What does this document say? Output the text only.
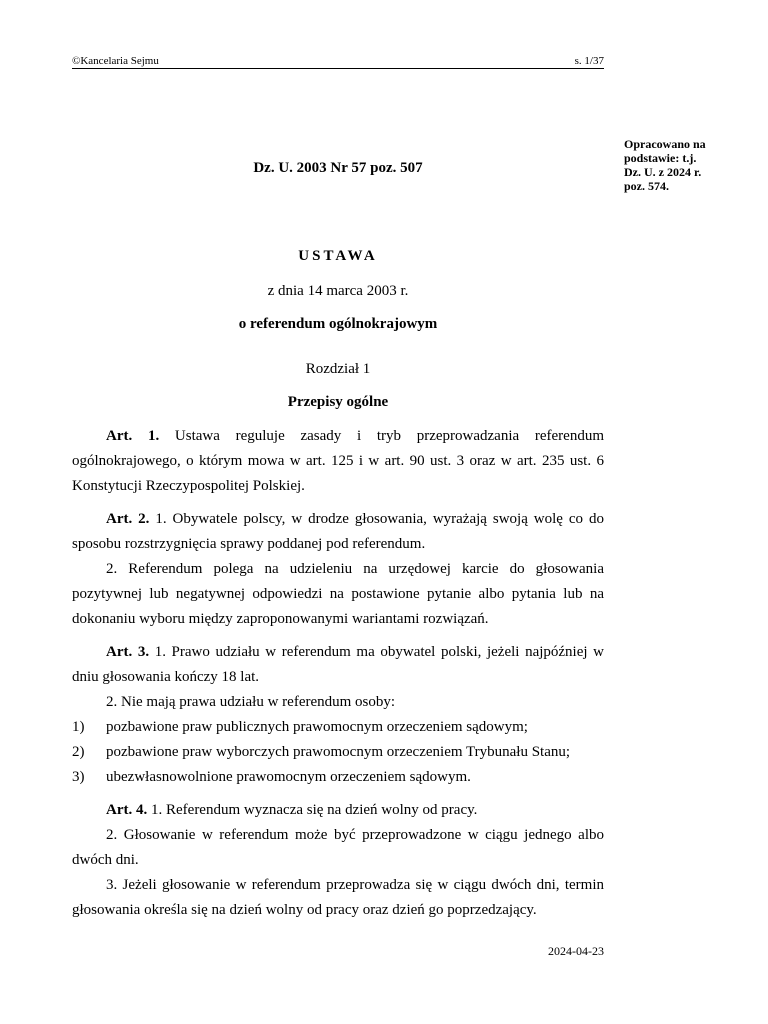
©Kancelaria Sejmu	s. 1/37
Opracowano na
podstawie: t.j.
Dz. U. z 2024 r.
poz. 574.
Dz. U. 2003 Nr 57 poz. 507
USTAWA
z dnia 14 marca 2003 r.
o referendum ogólnokrajowym
Rozdział 1
Przepisy ogólne

Art. 1. Ustawa reguluje zasady i tryb przeprowadzania referendum ogólnokrajowego, o którym mowa w art. 125 i w art. 90 ust. 3 oraz w art. 235 ust. 6 Konstytucji Rzeczypospolitej Polskiej.

Art. 2. 1. Obywatele polscy, w drodze głosowania, wyrażają swoją wolę co do sposobu rozstrzygnięcia sprawy poddanej pod referendum.

2. Referendum polega na udzieleniu na urzędowej karcie do głosowania pozytywnej lub negatywnej odpowiedzi na postawione pytanie albo pytania lub na dokonaniu wyboru między zaproponowanymi wariantami rozwiązań.

Art. 3. 1. Prawo udziału w referendum ma obywatel polski, jeżeli najpóźniej w dniu głosowania kończy 18 lat.

2. Nie mają prawa udziału w referendum osoby:

1) pozbawione praw publicznych prawomocnym orzeczeniem sądowym;
2) pozbawione praw wyborczych prawomocnym orzeczeniem Trybunału Stanu;
3) ubezwłasnowolnione prawomocnym orzeczeniem sądowym.

Art. 4. 1. Referendum wyznacza się na dzień wolny od pracy.

2. Głosowanie w referendum może być przeprowadzone w ciągu jednego albo dwóch dni.

3. Jeżeli głosowanie w referendum przeprowadza się w ciągu dwóch dni, termin głosowania określa się na dzień wolny od pracy oraz dzień go poprzedzający.

2024-04-23
